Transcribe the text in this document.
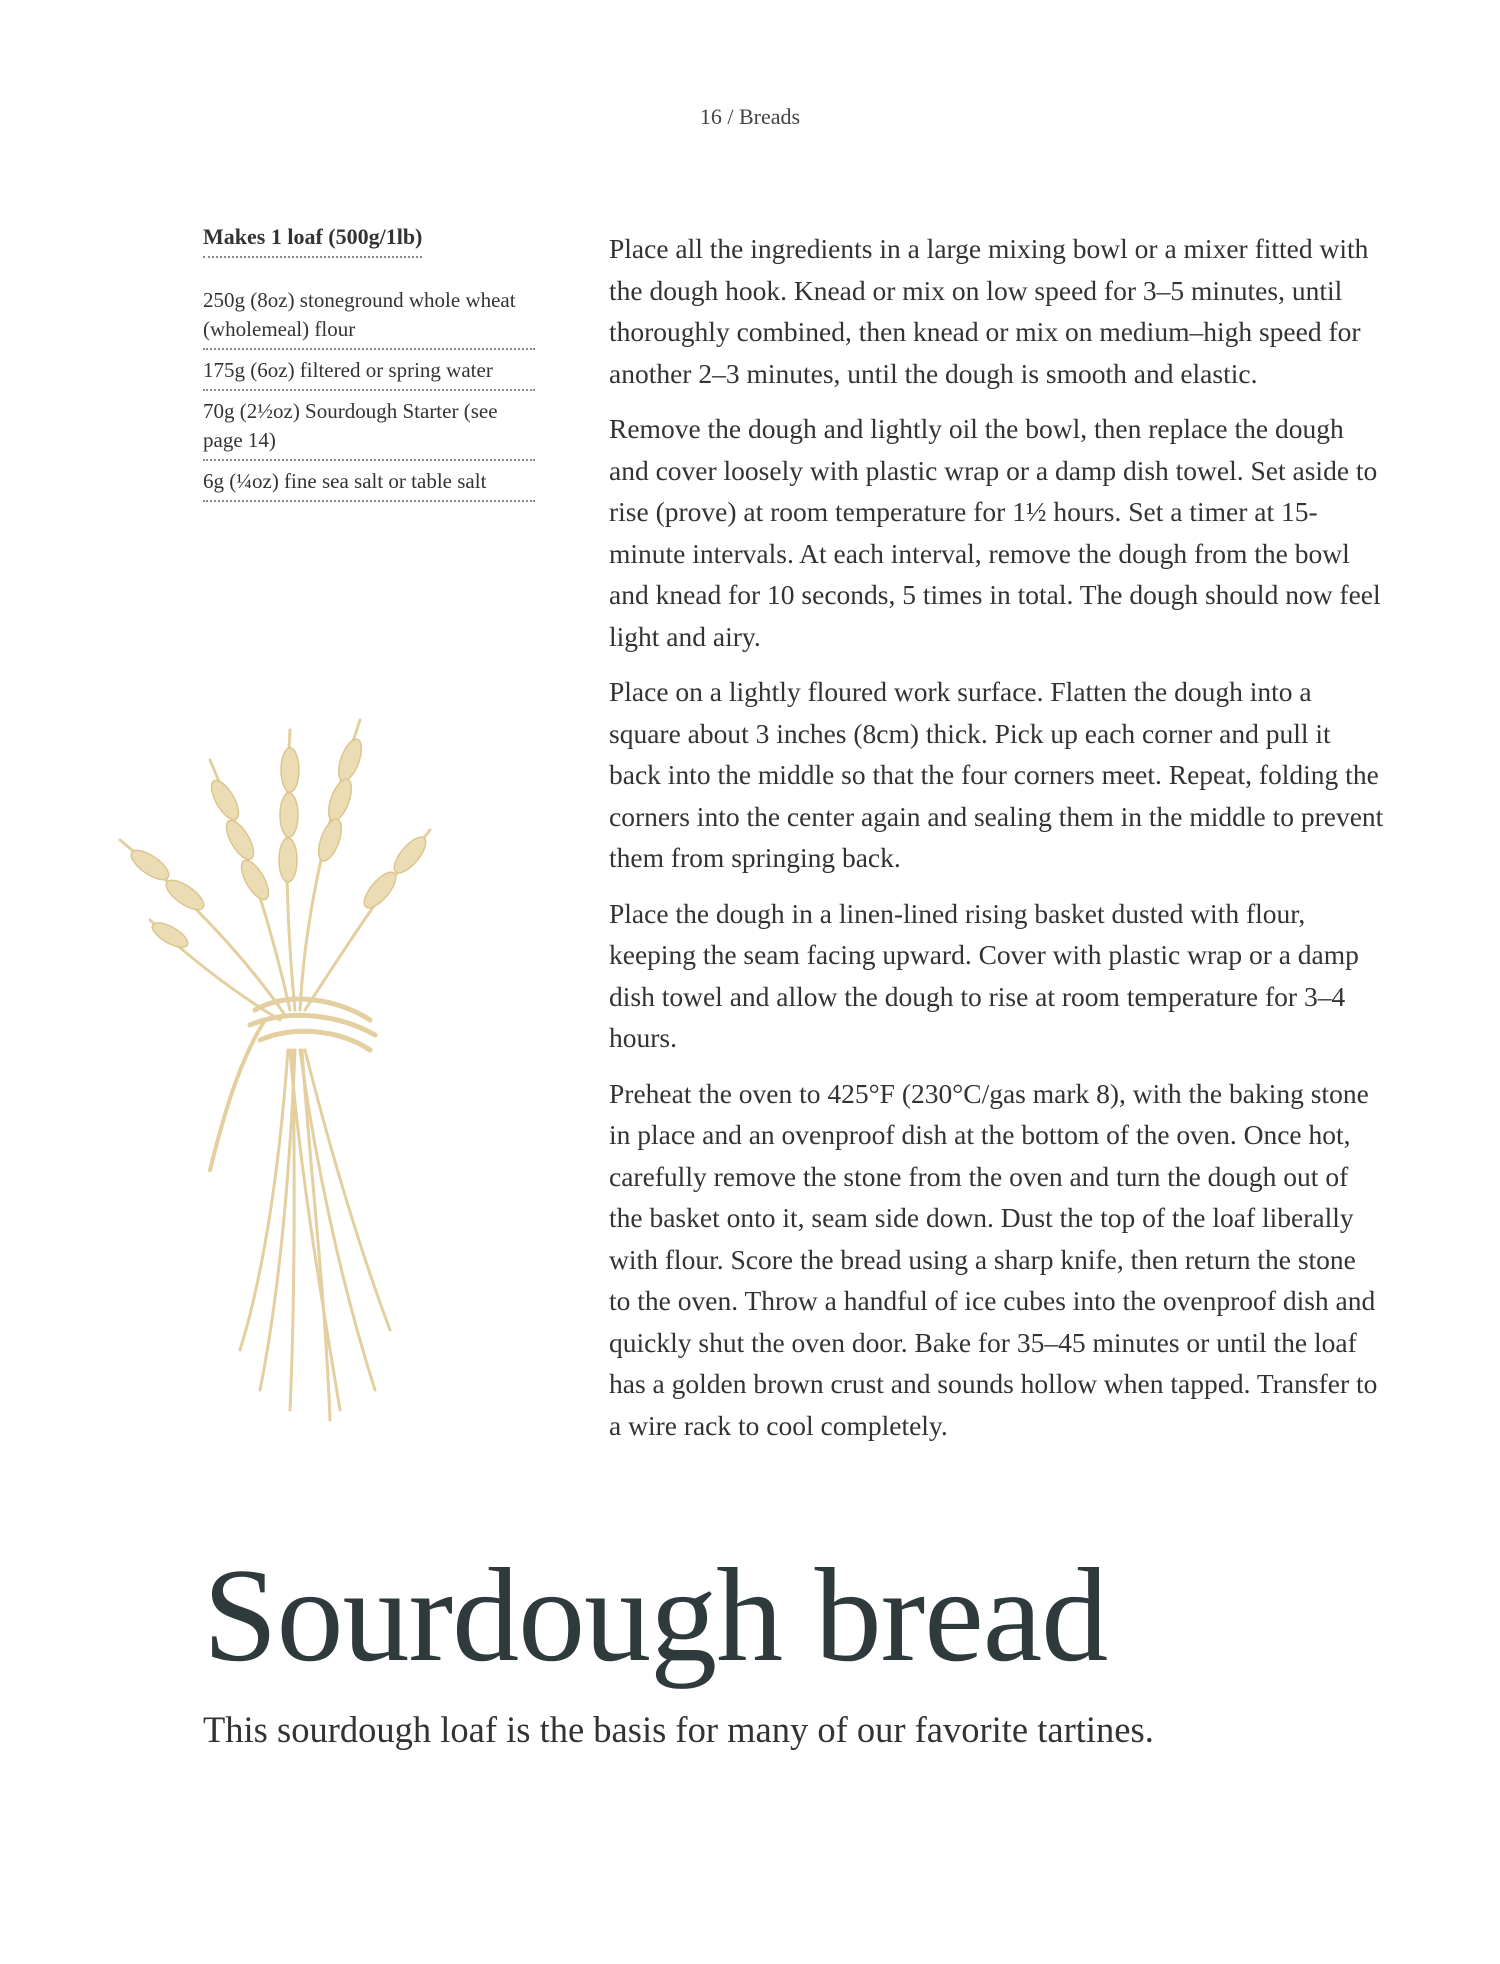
16 / Breads
Makes 1 loaf (500g/1lb)
250g (8oz) stoneground whole wheat (wholemeal) flour
175g (6oz) filtered or spring water
70g (2½oz) Sourdough Starter (see page 14)
6g (¼oz) fine sea salt or table salt

Place all the ingredients in a large mixing bowl or a mixer fitted with the dough hook. Knead or mix on low speed for 3–5 minutes, until thoroughly combined, then knead or mix on medium–high speed for another 2–3 minutes, until the dough is smooth and elastic.

Remove the dough and lightly oil the bowl, then replace the dough and cover loosely with plastic wrap or a damp dish towel. Set aside to rise (prove) at room temperature for 1½ hours. Set a timer at 15-minute intervals. At each interval, remove the dough from the bowl and knead for 10 seconds, 5 times in total. The dough should now feel light and airy.

Place on a lightly floured work surface. Flatten the dough into a square about 3 inches (8cm) thick. Pick up each corner and pull it back into the middle so that the four corners meet. Repeat, folding the corners into the center again and sealing them in the middle to prevent them from springing back.

Place the dough in a linen-lined rising basket dusted with flour, keeping the seam facing upward. Cover with plastic wrap or a damp dish towel and allow the dough to rise at room temperature for 3–4 hours.

Preheat the oven to 425°F (230°C/gas mark 8), with the baking stone in place and an ovenproof dish at the bottom of the oven. Once hot, carefully remove the stone from the oven and turn the dough out of the basket onto it, seam side down. Dust the top of the loaf liberally with flour. Score the bread using a sharp knife, then return the stone to the oven. Throw a handful of ice cubes into the ovenproof dish and quickly shut the oven door. Bake for 35–45 minutes or until the loaf has a golden brown crust and sounds hollow when tapped. Transfer to a wire rack to cool completely.

Sourdough bread
This sourdough loaf is the basis for many of our favorite tartines.
